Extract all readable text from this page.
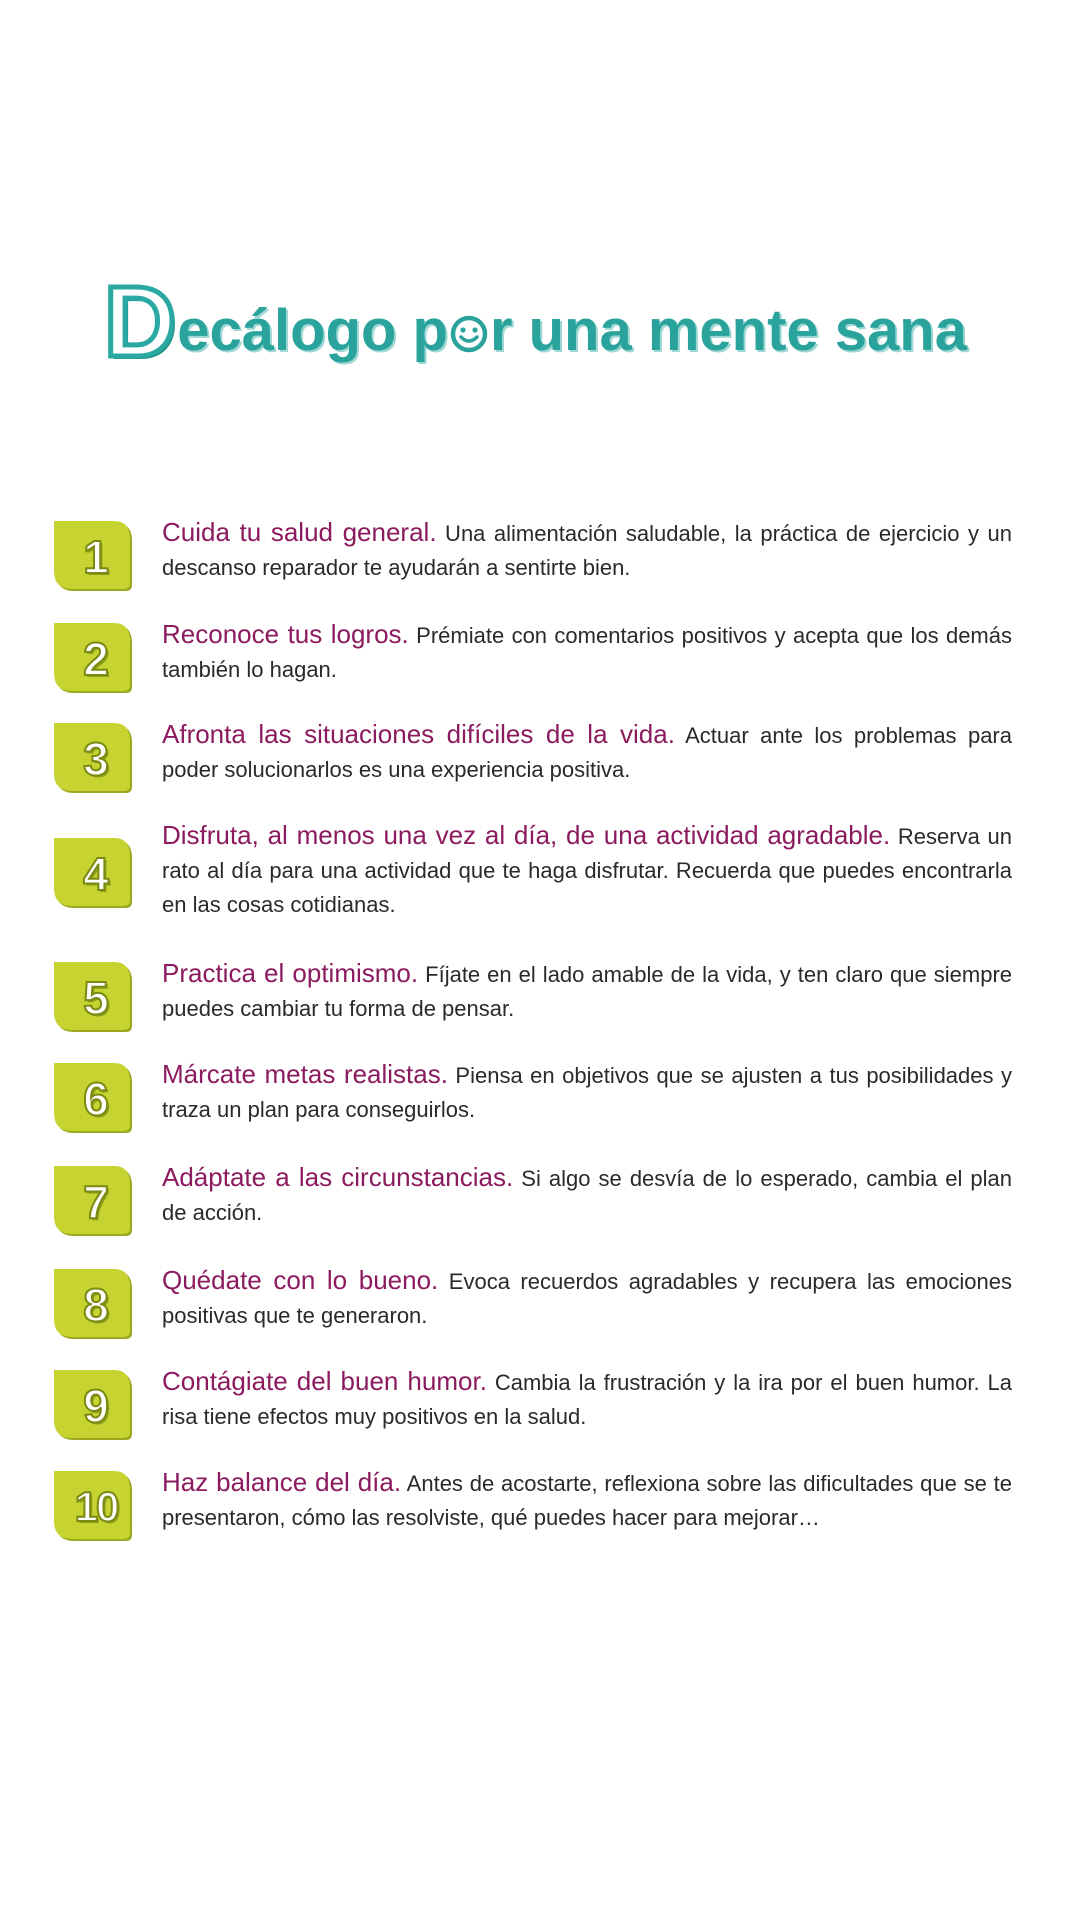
D ecálogo p r una mente sana
1	Cuida tu salud general. Una alimentación saludable, la práctica de ejercicio y un descanso reparador te ayudarán a sentirte bien.

2	Reconoce tus logros. Prémiate con comentarios positivos y acepta que los demás también lo hagan.

3	Afronta las situaciones difíciles de la vida. Actuar ante los problemas para poder solucionarlos es una experiencia positiva.

4

Disfruta, al menos una vez al día, de una actividad agradable. Reserva un rato al día para una actividad que te haga disfrutar. Recuerda que puedes encontrarla en las cosas cotidianas.

5	Practica el optimismo. Fíjate en el lado amable de la vida, y ten claro que siempre puedes cambiar tu forma de pensar.

6	Márcate metas realistas. Piensa en objetivos que se ajusten a tus posibilidades y traza un plan para conseguirlos.

7	Adáptate a las circunstancias. Si algo se desvía de lo esperado, cambia el plan de acción.

8	Quédate con lo bueno. Evoca recuerdos agradables y recupera las emociones positivas que te generaron.

9	Contágiate del buen humor. Cambia la frustración y la ira por el buen humor. La risa tiene efectos muy positivos en la salud.

10

Haz balance del día. Antes de acostarte, reflexiona sobre las dificultades que se te presentaron, cómo las resolviste, qué puedes hacer para mejorar…
